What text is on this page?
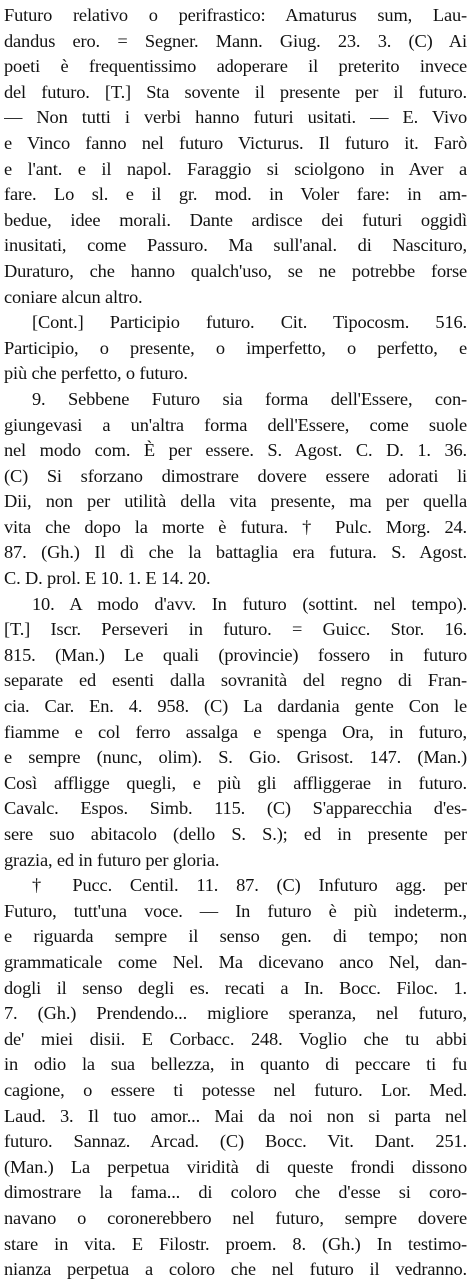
Futuro relativo o perifrastico: Amaturus sum, Lau-
dandus ero. = Segner. Mann. Giug. 23. 3. (C) Ai
poeti è frequentissimo adoperare il preterito invece
del futuro. [T.] Sta sovente il presente per il futuro.
— Non tutti i verbi hanno futuri usitati. — E. Vivo
e Vinco fanno nel futuro Victurus. Il futuro it. Farò
e l'ant. e il napol. Faraggio si sciolgono in Aver a
fare. Lo sl. e il gr. mod. in Voler fare: in am-
bedue, idee morali. Dante ardisce dei futuri oggidì
inusitati, come Passuro. Ma sull'anal. di Nascituro,
Duraturo, che hanno qualch'uso, se ne potrebbe forse
coniare alcun altro.
[Cont.] Participio futuro. Cit. Tipocosm. 516.
Participio, o presente, o imperfetto, o perfetto, e
più che perfetto, o futuro.
9. Sebbene Futuro sia forma dell'Essere, con-
giungevasi a un'altra forma dell'Essere, come suole
nel modo com. È per essere. S. Agost. C. D. 1. 36.
(C) Si sforzano dimostrare dovere essere adorati li
Dii, non per utilità della vita presente, ma per quella
vita che dopo la morte è futura. † Pulc. Morg. 24.
87. (Gh.) Il dì che la battaglia era futura. S. Agost.
C. D. prol. E 10. 1. E 14. 20.
10. A modo d'avv. In futuro (sottint. nel tempo).
[T.] Iscr. Perseveri in futuro. = Guicc. Stor. 16.
815. (Man.) Le quali (provincie) fossero in futuro
separate ed esenti dalla sovranità del regno di Fran-
cia. Car. En. 4. 958. (C) La dardania gente Con le
fiamme e col ferro assalga e spenga Ora, in futuro,
e sempre (nunc, olim). S. Gio. Grisost. 147. (Man.)
Così affligge quegli, e più gli affliggerae in futuro.
Cavalc. Espos. Simb. 115. (C) S'apparecchia d'es-
sere suo abitacolo (dello S. S.); ed in presente per
grazia, ed in futuro per gloria.
† Pucc. Centil. 11. 87. (C) Infuturo agg. per
Futuro, tutt'una voce. — In futuro è più indeterm.,
e riguarda sempre il senso gen. di tempo; non
grammaticale come Nel. Ma dicevano anco Nel, dan-
dogli il senso degli es. recati a In. Bocc. Filoc. 1.
7. (Gh.) Prendendo... migliore speranza, nel futuro,
de' miei disii. E Corbacc. 248. Voglio che tu abbi
in odio la sua bellezza, in quanto di peccare ti fu
cagione, o essere ti potesse nel futuro. Lor. Med.
Laud. 3. Il tuo amor... Mai da noi non si parta nel
futuro. Sannaz. Arcad. (C) Bocc. Vit. Dant. 251.
(Man.) La perpetua viridità di queste frondi dissono
dimostrare la fama... di coloro che d'esse si coro-
navano o coronerebbero nel futuro, sempre dovere
stare in vita. E Filostr. proem. 8. (Gh.) In testimo-
nianza perpetua a coloro che nel futuro il vedranno.
